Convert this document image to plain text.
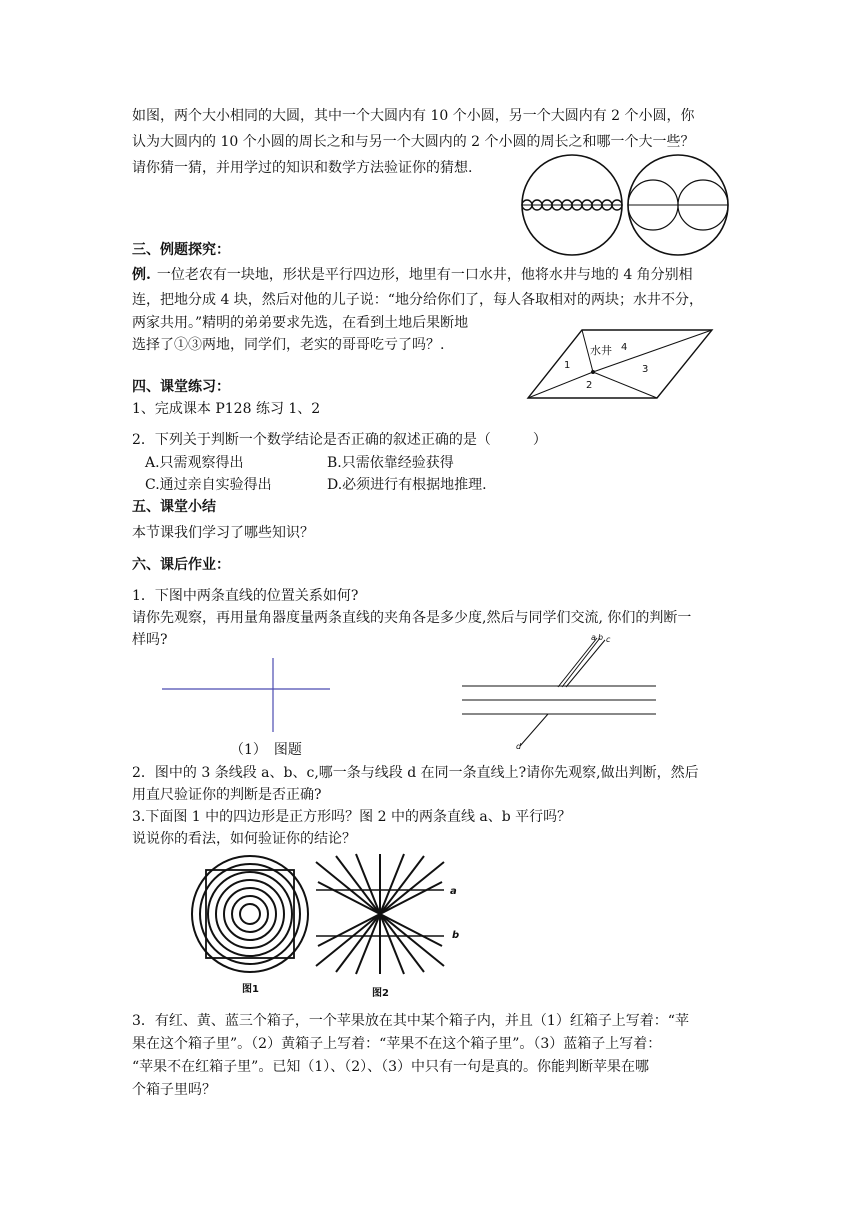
如图，两个大小相同的大圆，其中一个大圆内有 10 个小圆，另一个大圆内有 2 个小圆，你
认为大圆内的 10 个小圆的周长之和与另一个大圆内的 2 个小圆的周长之和哪一个大一些？
请你猜一猜，并用学过的知识和数学方法验证你的猜想.
三、例题探究：
例. 一位老农有一块地，形状是平行四边形，地里有一口水井，他将水井与地的 4 角分别相
连，把地分成 4 块，然后对他的儿子说：“地分给你们了，每人各取相对的两块；水井不分，
两家共用。”精明的弟弟要求先选，在看到土地后果断地
选择了①③两地，同学们，老实的哥哥吃亏了吗？.	水井
1
2
3
4
四、课堂练习：
1、完成课本 P128 练习 1、2
2．下列关于判断一个数学结论是否正确的叙述正确的是（　　　）
A.只需观察得出	B.只需依靠经验获得
C.通过亲自实验得出	D.必须进行有根据地推理.
五、课堂小结
本节课我们学习了哪些知识？
六、课后作业：
1．下图中两条直线的位置关系如何?
请你先观察，再用量角器度量两条直线的夹角各是多少度,然后与同学们交流, 你们的判断一
样吗?	a b c
d
（1）　图题
2．图中的 3 条线段 a、b、c,哪一条与线段 d 在同一条直线上?请你先观察,做出判断，然后
用直尺验证你的判断是否正确?
3.下面图 1 中的四边形是正方形吗？图 2 中的两条直线 a、b 平行吗？
说说你的看法，如何验证你的结论？
a
b
图1	图2
3．有红、黄、蓝三个箱子，一个苹果放在其中某个箱子内，并且（1）红箱子上写着：“苹
果在这个箱子里”。（2）黄箱子上写着：“苹果不在这个箱子里”。（3）蓝箱子上写着：
“苹果不在红箱子里”。已知（1）、（2）、（3）中只有一句是真的。你能判断苹果在哪
个箱子里吗？
